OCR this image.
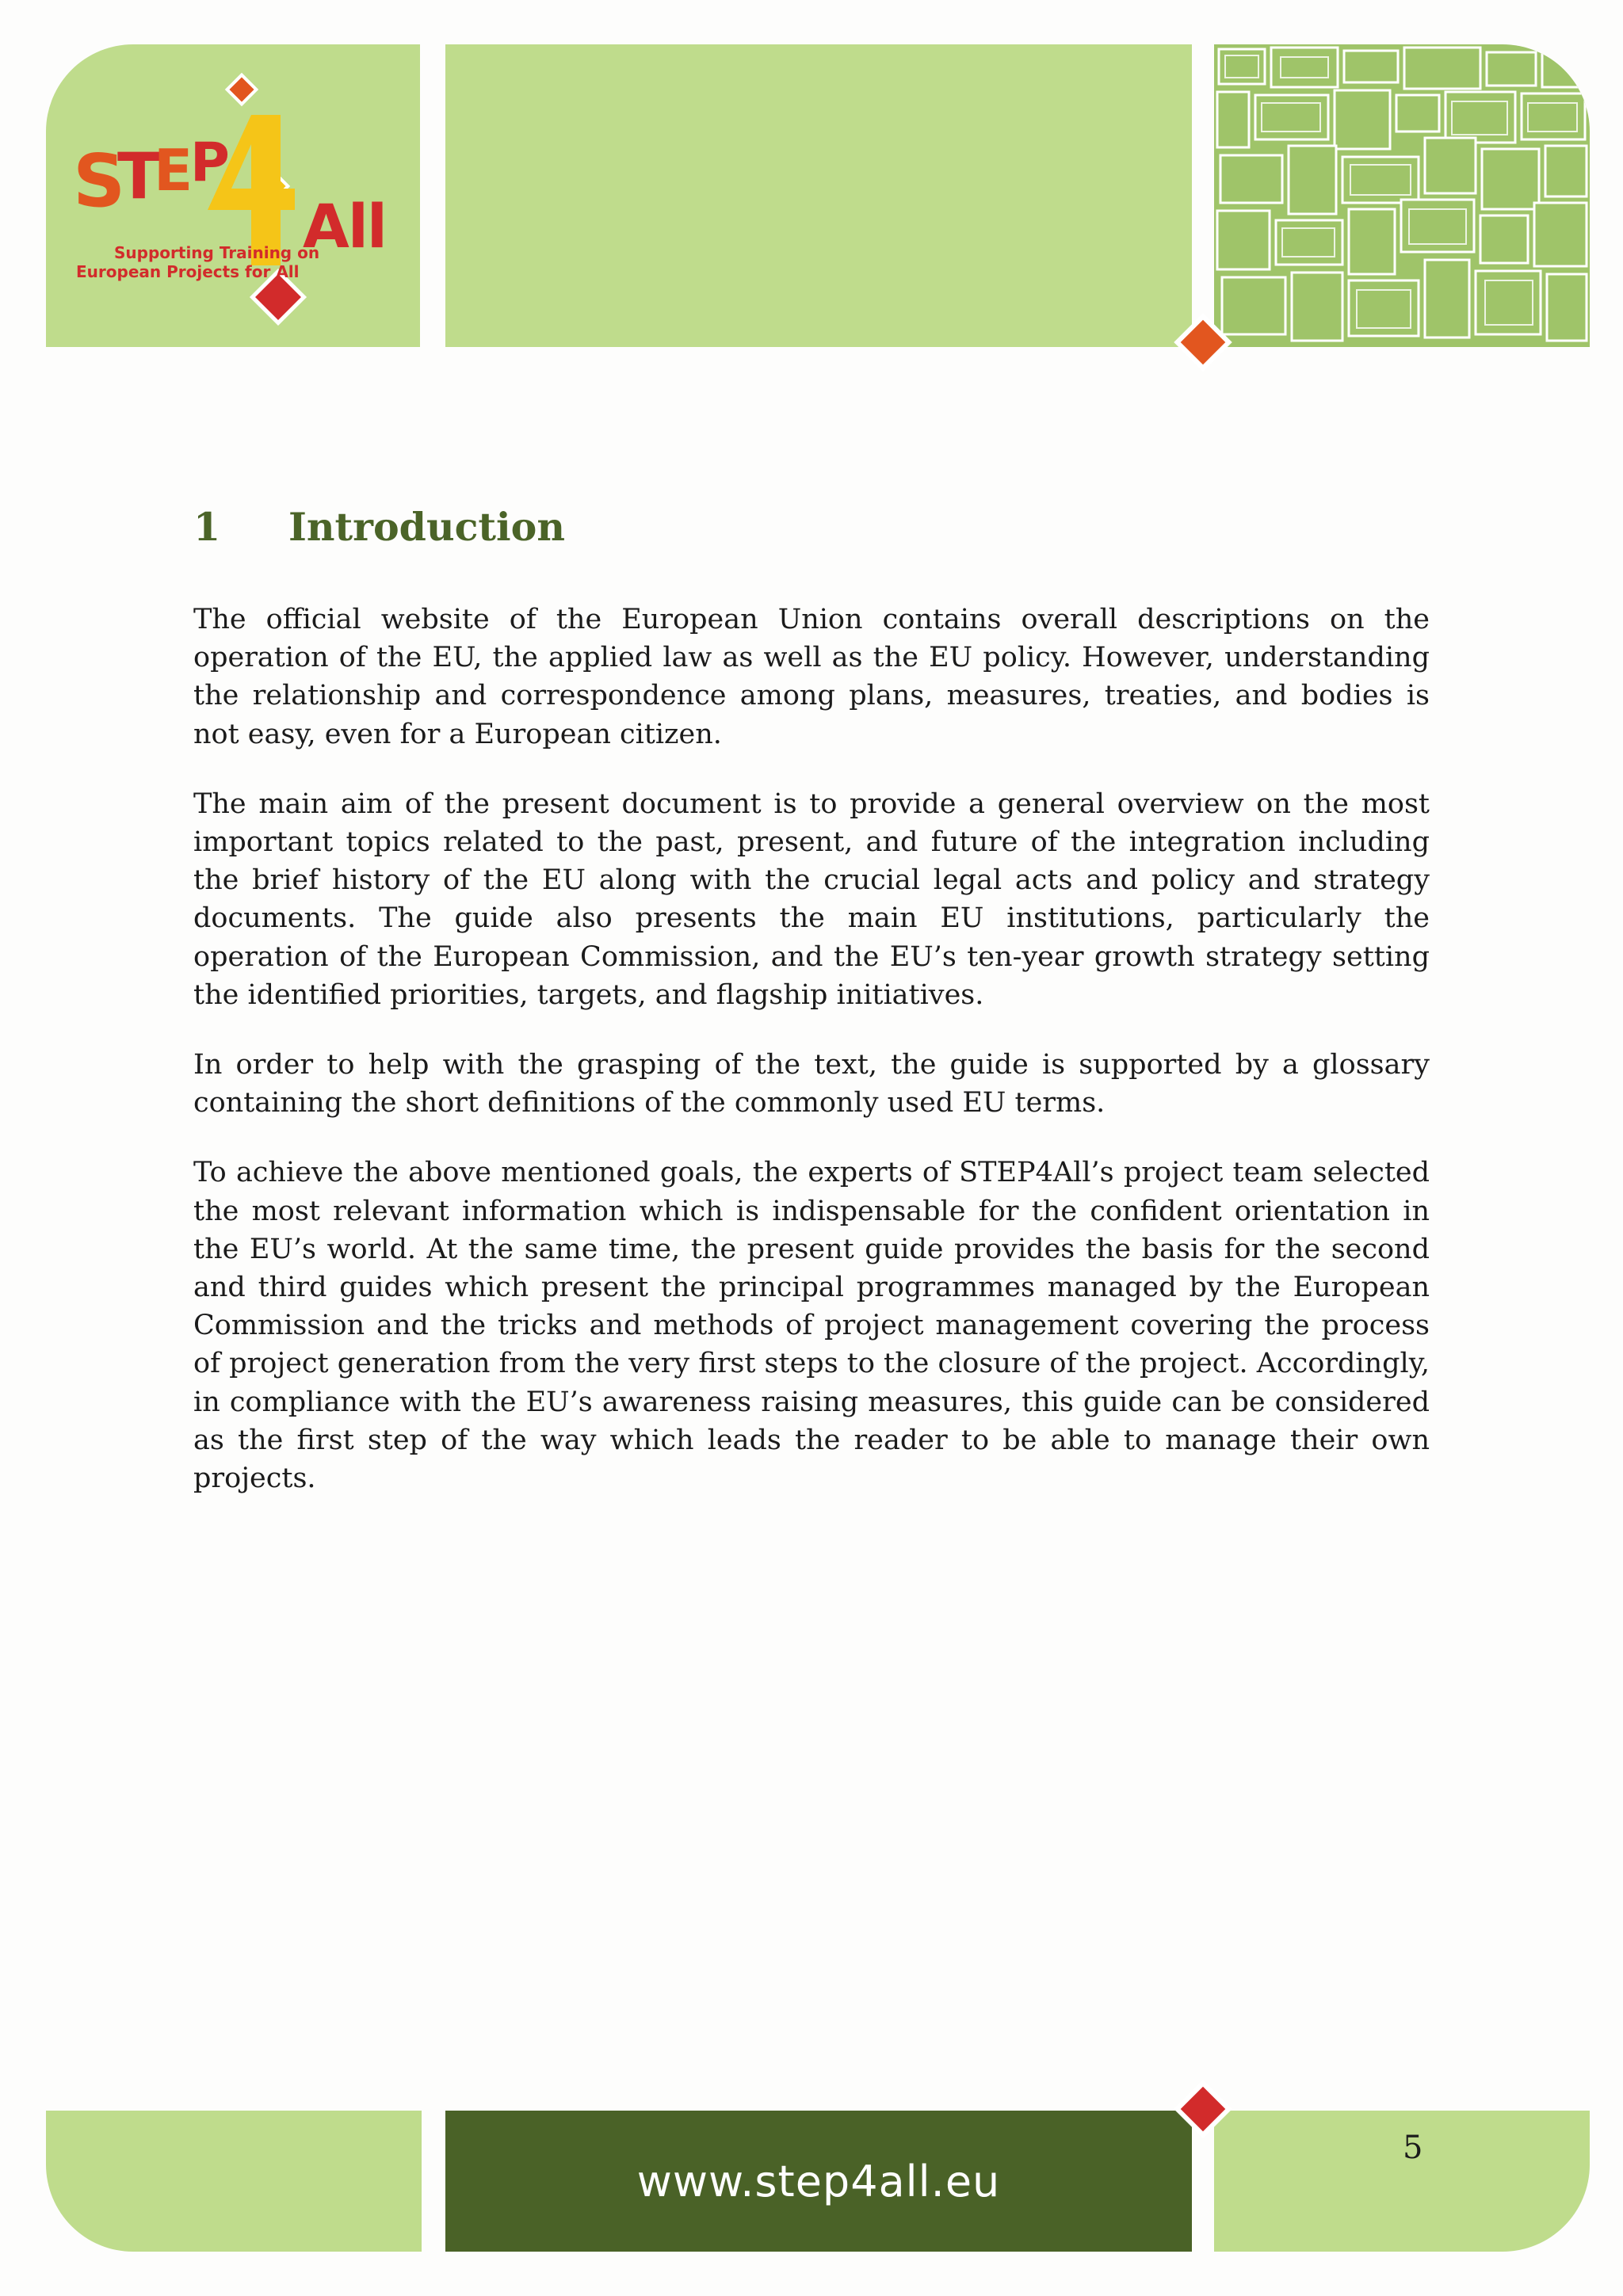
S
T
E P
All
Supporting Training on
European Projects for All
1 Introduction

The official website of the European Union contains overall descriptions on the operation of the EU, the applied law as well as the EU policy. However, understanding the relationship and correspondence among plans, measures, treaties, and bodies is not easy, even for a European citizen.

The main aim of the present document is to provide a general overview on the most important topics related to the past, present, and future of the integration including the brief history of the EU along with the crucial legal acts and policy and strategy documents. The guide also presents the main EU institutions, particularly the operation of the European Commission, and the EU’s ten-year growth strategy setting the identified priorities, targets, and flagship initiatives.

In order to help with the grasping of the text, the guide is supported by a glossary containing the short definitions of the commonly used EU terms.

To achieve the above mentioned goals, the experts of STEP4All’s project team selected the most relevant information which is indispensable for the confident orientation in the EU’s world. At the same time, the present guide provides the basis for the second and third guides which present the principal programmes managed by the European Commission and the tricks and methods of project management covering the process of project generation from the very first steps to the closure of the project. Accordingly, in compliance with the EU’s awareness raising measures, this guide can be considered as the first step of the way which leads the reader to be able to manage their own projects.

www.step4all.eu
5
